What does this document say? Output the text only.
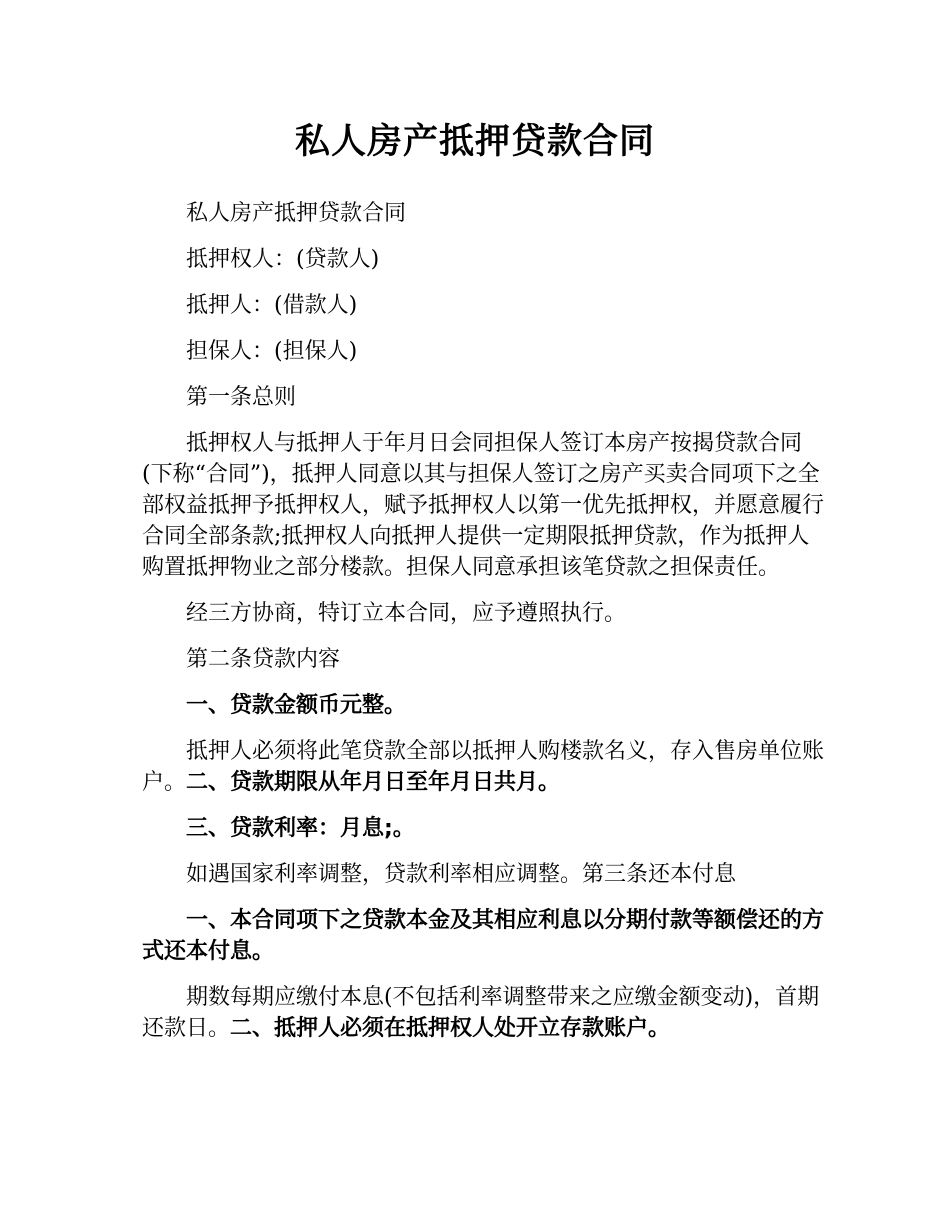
私人房产抵押贷款合同

私人房产抵押贷款合同

抵押权人：(贷款人)

抵押人：(借款人)

担保人：(担保人)

第一条总则

抵押权人与抵押人于年月日会同担保人签订本房产按揭贷款合同(下称“合同”)，抵押人同意以其与担保人签订之房产买卖合同项下之全部权益抵押予抵押权人，赋予抵押权人以第一优先抵押权，并愿意履行合同全部条款;抵押权人向抵押人提供一定期限抵押贷款，作为抵押人购置抵押物业之部分楼款。担保人同意承担该笔贷款之担保责任。

经三方协商，特订立本合同，应予遵照执行。

第二条贷款内容

一、贷款金额币元整。

抵押人必须将此笔贷款全部以抵押人购楼款名义，存入售房单位账户。二、贷款期限从年月日至年月日共月。

三、贷款利率：月息;。

如遇国家利率调整，贷款利率相应调整。第三条还本付息

一、本合同项下之贷款本金及其相应利息以分期付款等额偿还的方式还本付息。

期数每期应缴付本息(不包括利率调整带来之应缴金额变动)，首期还款日。二、抵押人必须在抵押权人处开立存款账户。
